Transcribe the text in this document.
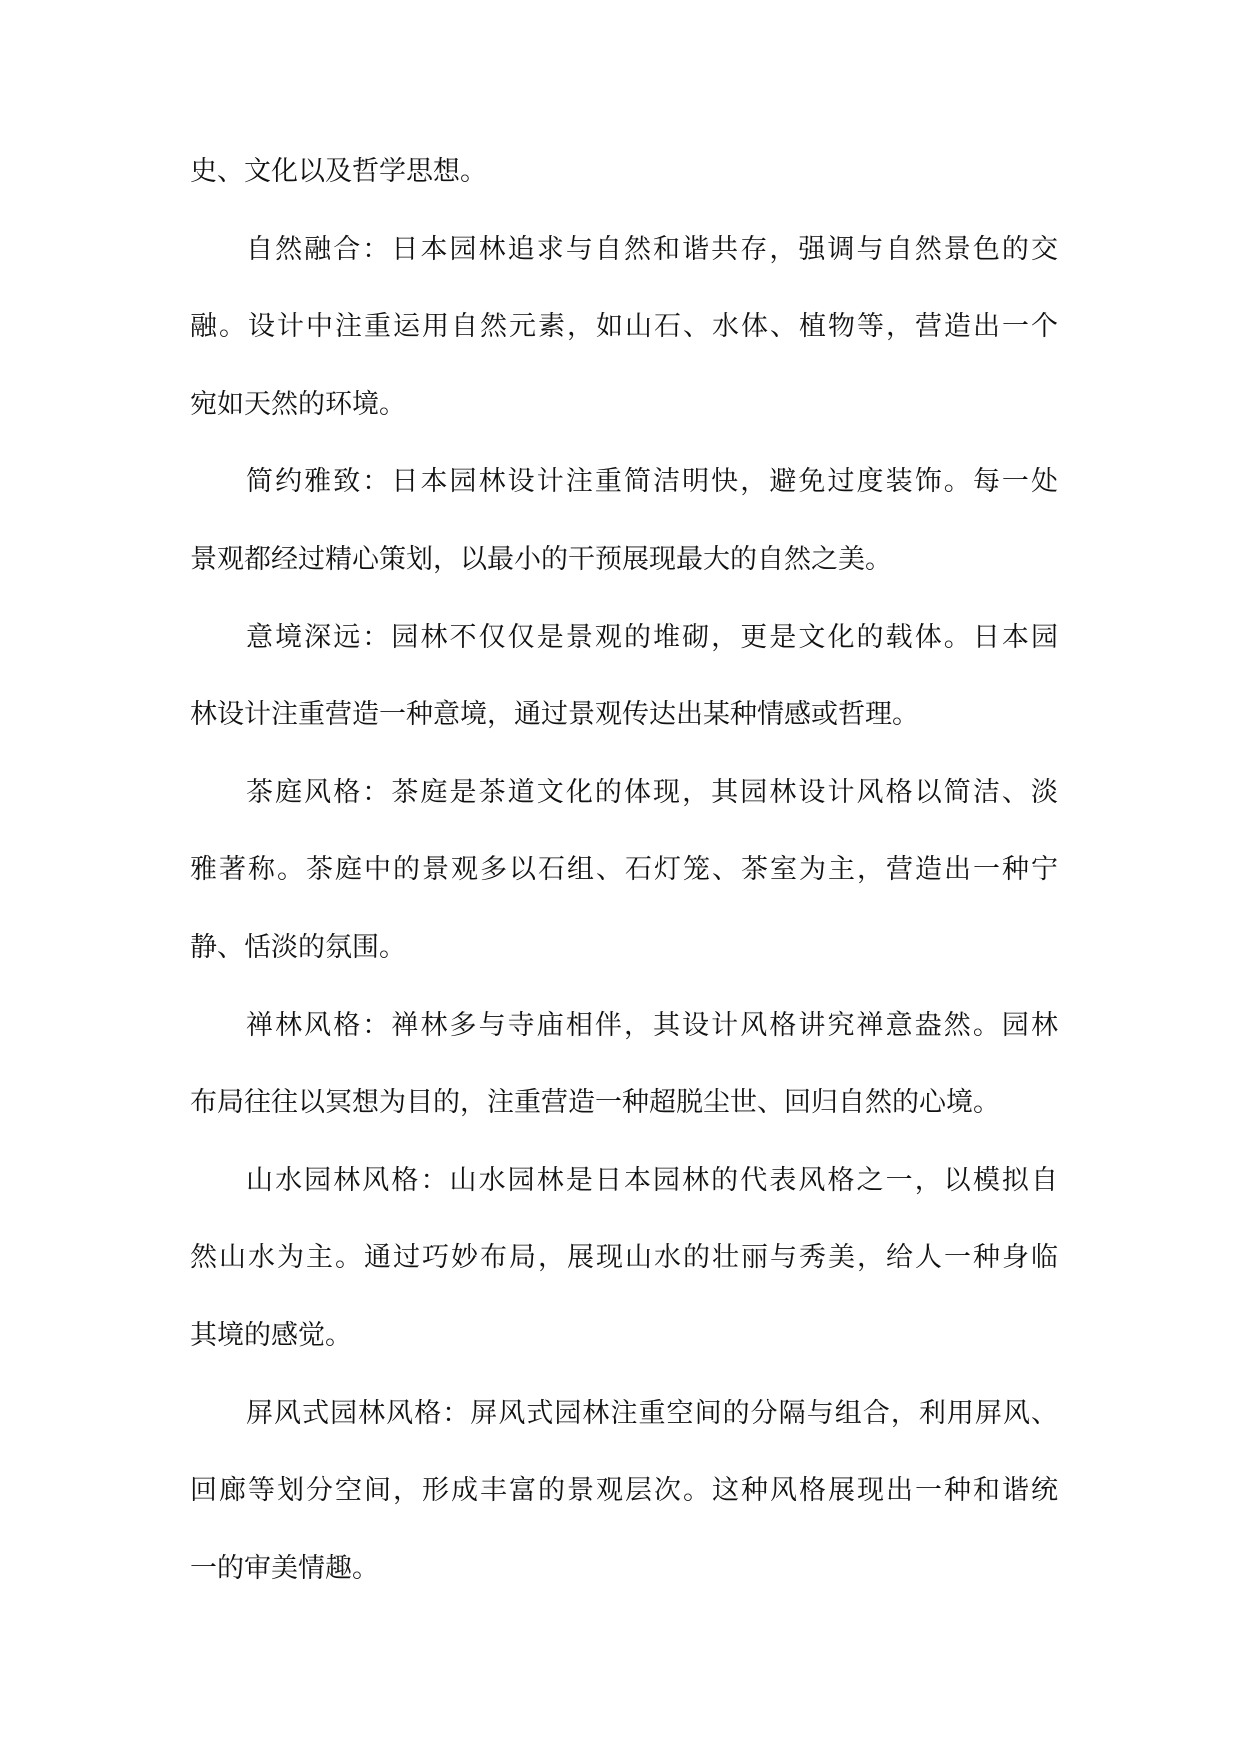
史、文化以及哲学思想。
自然融合：日本园林追求与自然和谐共存，强调与自然景色的交
融。设计中注重运用自然元素，如山石、水体、植物等，营造出一个
宛如天然的环境。
简约雅致：日本园林设计注重简洁明快，避免过度装饰。每一处
景观都经过精心策划，以最小的干预展现最大的自然之美。
意境深远：园林不仅仅是景观的堆砌，更是文化的载体。日本园
林设计注重营造一种意境，通过景观传达出某种情感或哲理。
茶庭风格：茶庭是茶道文化的体现，其园林设计风格以简洁、淡
雅著称。茶庭中的景观多以石组、石灯笼、茶室为主，营造出一种宁
静、恬淡的氛围。
禅林风格：禅林多与寺庙相伴，其设计风格讲究禅意盎然。园林
布局往往以冥想为目的，注重营造一种超脱尘世、回归自然的心境。
山水园林风格：山水园林是日本园林的代表风格之一，以模拟自
然山水为主。通过巧妙布局，展现山水的壮丽与秀美，给人一种身临
其境的感觉。
屏风式园林风格：屏风式园林注重空间的分隔与组合，利用屏风、
回廊等划分空间，形成丰富的景观层次。这种风格展现出一种和谐统
一的审美情趣。
